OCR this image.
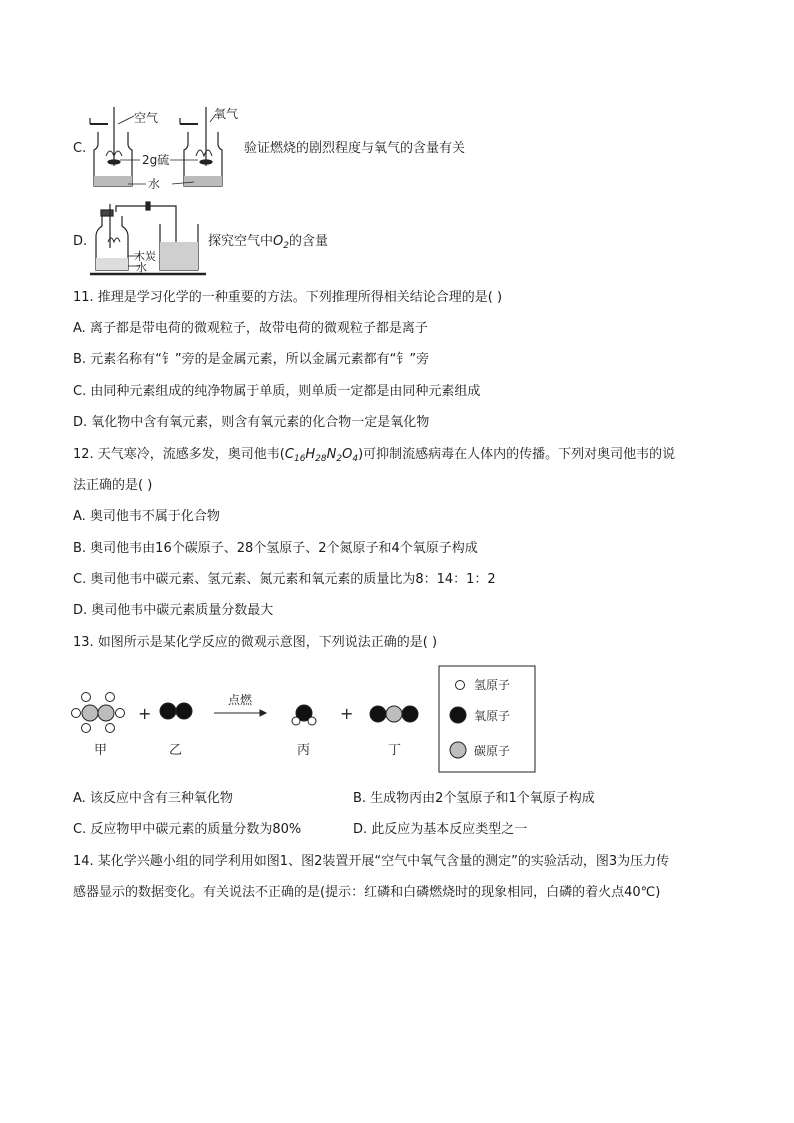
C.
空气	氧气
2g硫
水
验证燃烧的剧烈程度与氧气的含量有关
D.
木炭
水
探究空气中$O_2$的含量
11. 推理是学习化学的一种重要的方法。下列推理所得相关结论合理的是( )
A. 离子都是带电荷的微观粒子，故带电荷的微观粒子都是离子
B. 元素名称有“钅”旁的是金属元素，所以金属元素都有“钅”旁
C. 由同种元素组成的纯净物属于单质，则单质一定都是由同种元素组成
D. 氧化物中含有氧元素，则含有氧元素的化合物一定是氧化物
12. 天气寒冷，流感多发，奥司他韦$(C_{16}H_{28}N_2O_4)$可抑制流感病毒在人体内的传播。下列对奥司他韦的说
法正确的是( )
A. 奥司他韦不属于化合物
B. 奥司他韦由16个碳原子、28个氢原子、2个氮原子和4个氧原子构成
C. 奥司他韦中碳元素、氢元素、氮元素和氧元素的质量比为8：14：1：2
D. 奥司他韦中碳元素质量分数最大
13. 如图所示是某化学反应的微观示意图，下列说法正确的是( )
甲
+
乙
点燃
丙
+
丁
氢原子
氧原子
碳原子
A. 该反应中含有三种氧化物	B. 生成物丙由2个氢原子和1个氧原子构成
C. 反应物甲中碳元素的质量分数为80%	D. 此反应为基本反应类型之一
14. 某化学兴趣小组的同学利用如图1、图2装置开展“空气中氧气含量的测定”的实验活动，图3为压力传
感器显示的数据变化。有关说法不正确的是(提示：红磷和白磷燃烧时的现象相同，白磷的着火点40℃)
